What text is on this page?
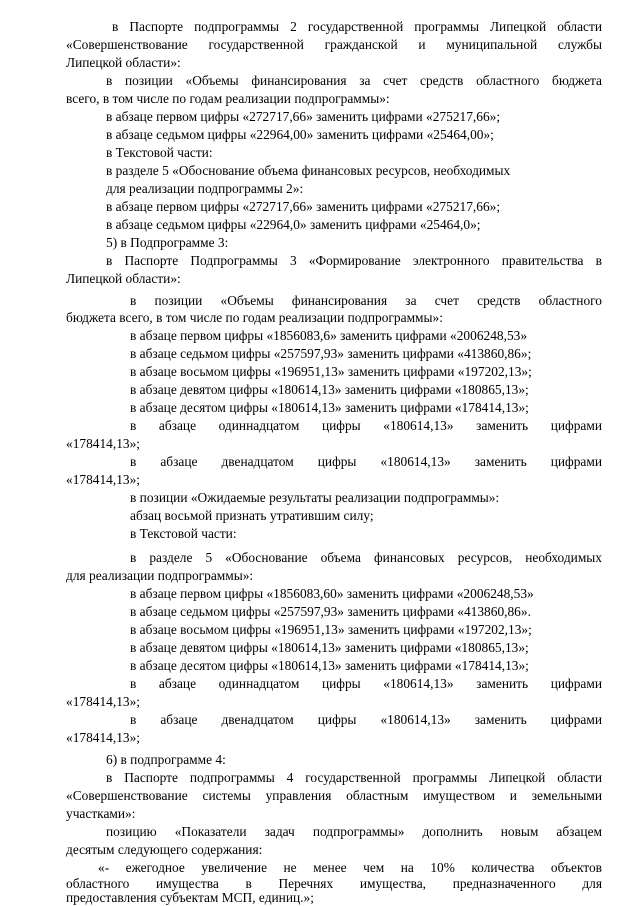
в Паспорте подпрограммы 2 государственной программы Липецкой области
«Совершенствование государственной гражданской и муниципальной службы
Липецкой области»:
в позиции «Объемы финансирования за счет средств областного бюджета
всего, в том числе по годам реализации подпрограммы»:
в абзаце первом цифры «272717,66» заменить цифрами «275217,66»;
в абзаце седьмом цифры «22964,00» заменить цифрами «25464,00»;
в Текстовой части:
в разделе 5 «Обоснование объема финансовых ресурсов, необходимых
для реализации подпрограммы 2»:
в абзаце первом цифры «272717,66» заменить цифрами «275217,66»;
в абзаце седьмом цифры «22964,0» заменить цифрами «25464,0»;
5) в Подпрограмме 3:
в Паспорте Подпрограммы 3 «Формирование электронного правительства в
Липецкой области»:
в позиции «Объемы финансирования за счет средств областного
бюджета всего, в том числе по годам реализации подпрограммы»:
в абзаце первом цифры «1856083,6» заменить цифрами «2006248,53»
в абзаце седьмом цифры «257597,93» заменить цифрами «413860,86»;
в абзаце восьмом цифры «196951,13» заменить цифрами «197202,13»;
в абзаце девятом цифры «180614,13» заменить цифрами «180865,13»;
в абзаце десятом цифры «180614,13» заменить цифрами «178414,13»;
в абзаце одиннадцатом цифры «180614,13» заменить цифрами
«178414,13»;
в абзаце двенадцатом цифры «180614,13» заменить цифрами
«178414,13»;
в позиции «Ожидаемые результаты реализации подпрограммы»:
абзац восьмой признать утратившим силу;
в Текстовой части:
в разделе 5 «Обоснование объема финансовых ресурсов, необходимых
для реализации подпрограммы»:
в абзаце первом цифры «1856083,60» заменить цифрами «2006248,53»
в абзаце седьмом цифры «257597,93» заменить цифрами «413860,86».
в абзаце восьмом цифры «196951,13» заменить цифрами «197202,13»;
в абзаце девятом цифры «180614,13» заменить цифрами «180865,13»;
в абзаце десятом цифры «180614,13» заменить цифрами «178414,13»;
в абзаце одиннадцатом цифры «180614,13» заменить цифрами
«178414,13»;
в абзаце двенадцатом цифры «180614,13» заменить цифрами
«178414,13»;
6) в подпрограмме 4:
в Паспорте подпрограммы 4 государственной программы Липецкой области
«Совершенствование системы управления областным имуществом и земельными
участками»:
позицию «Показатели задач подпрограммы» дополнить новым абзацем
десятым следующего содержания:
«- ежегодное увеличение не менее чем на 10% количества объектов
областного имущества в Перечнях имущества, предназначенного для
предоставления субъектам МСП, единиц.»;
